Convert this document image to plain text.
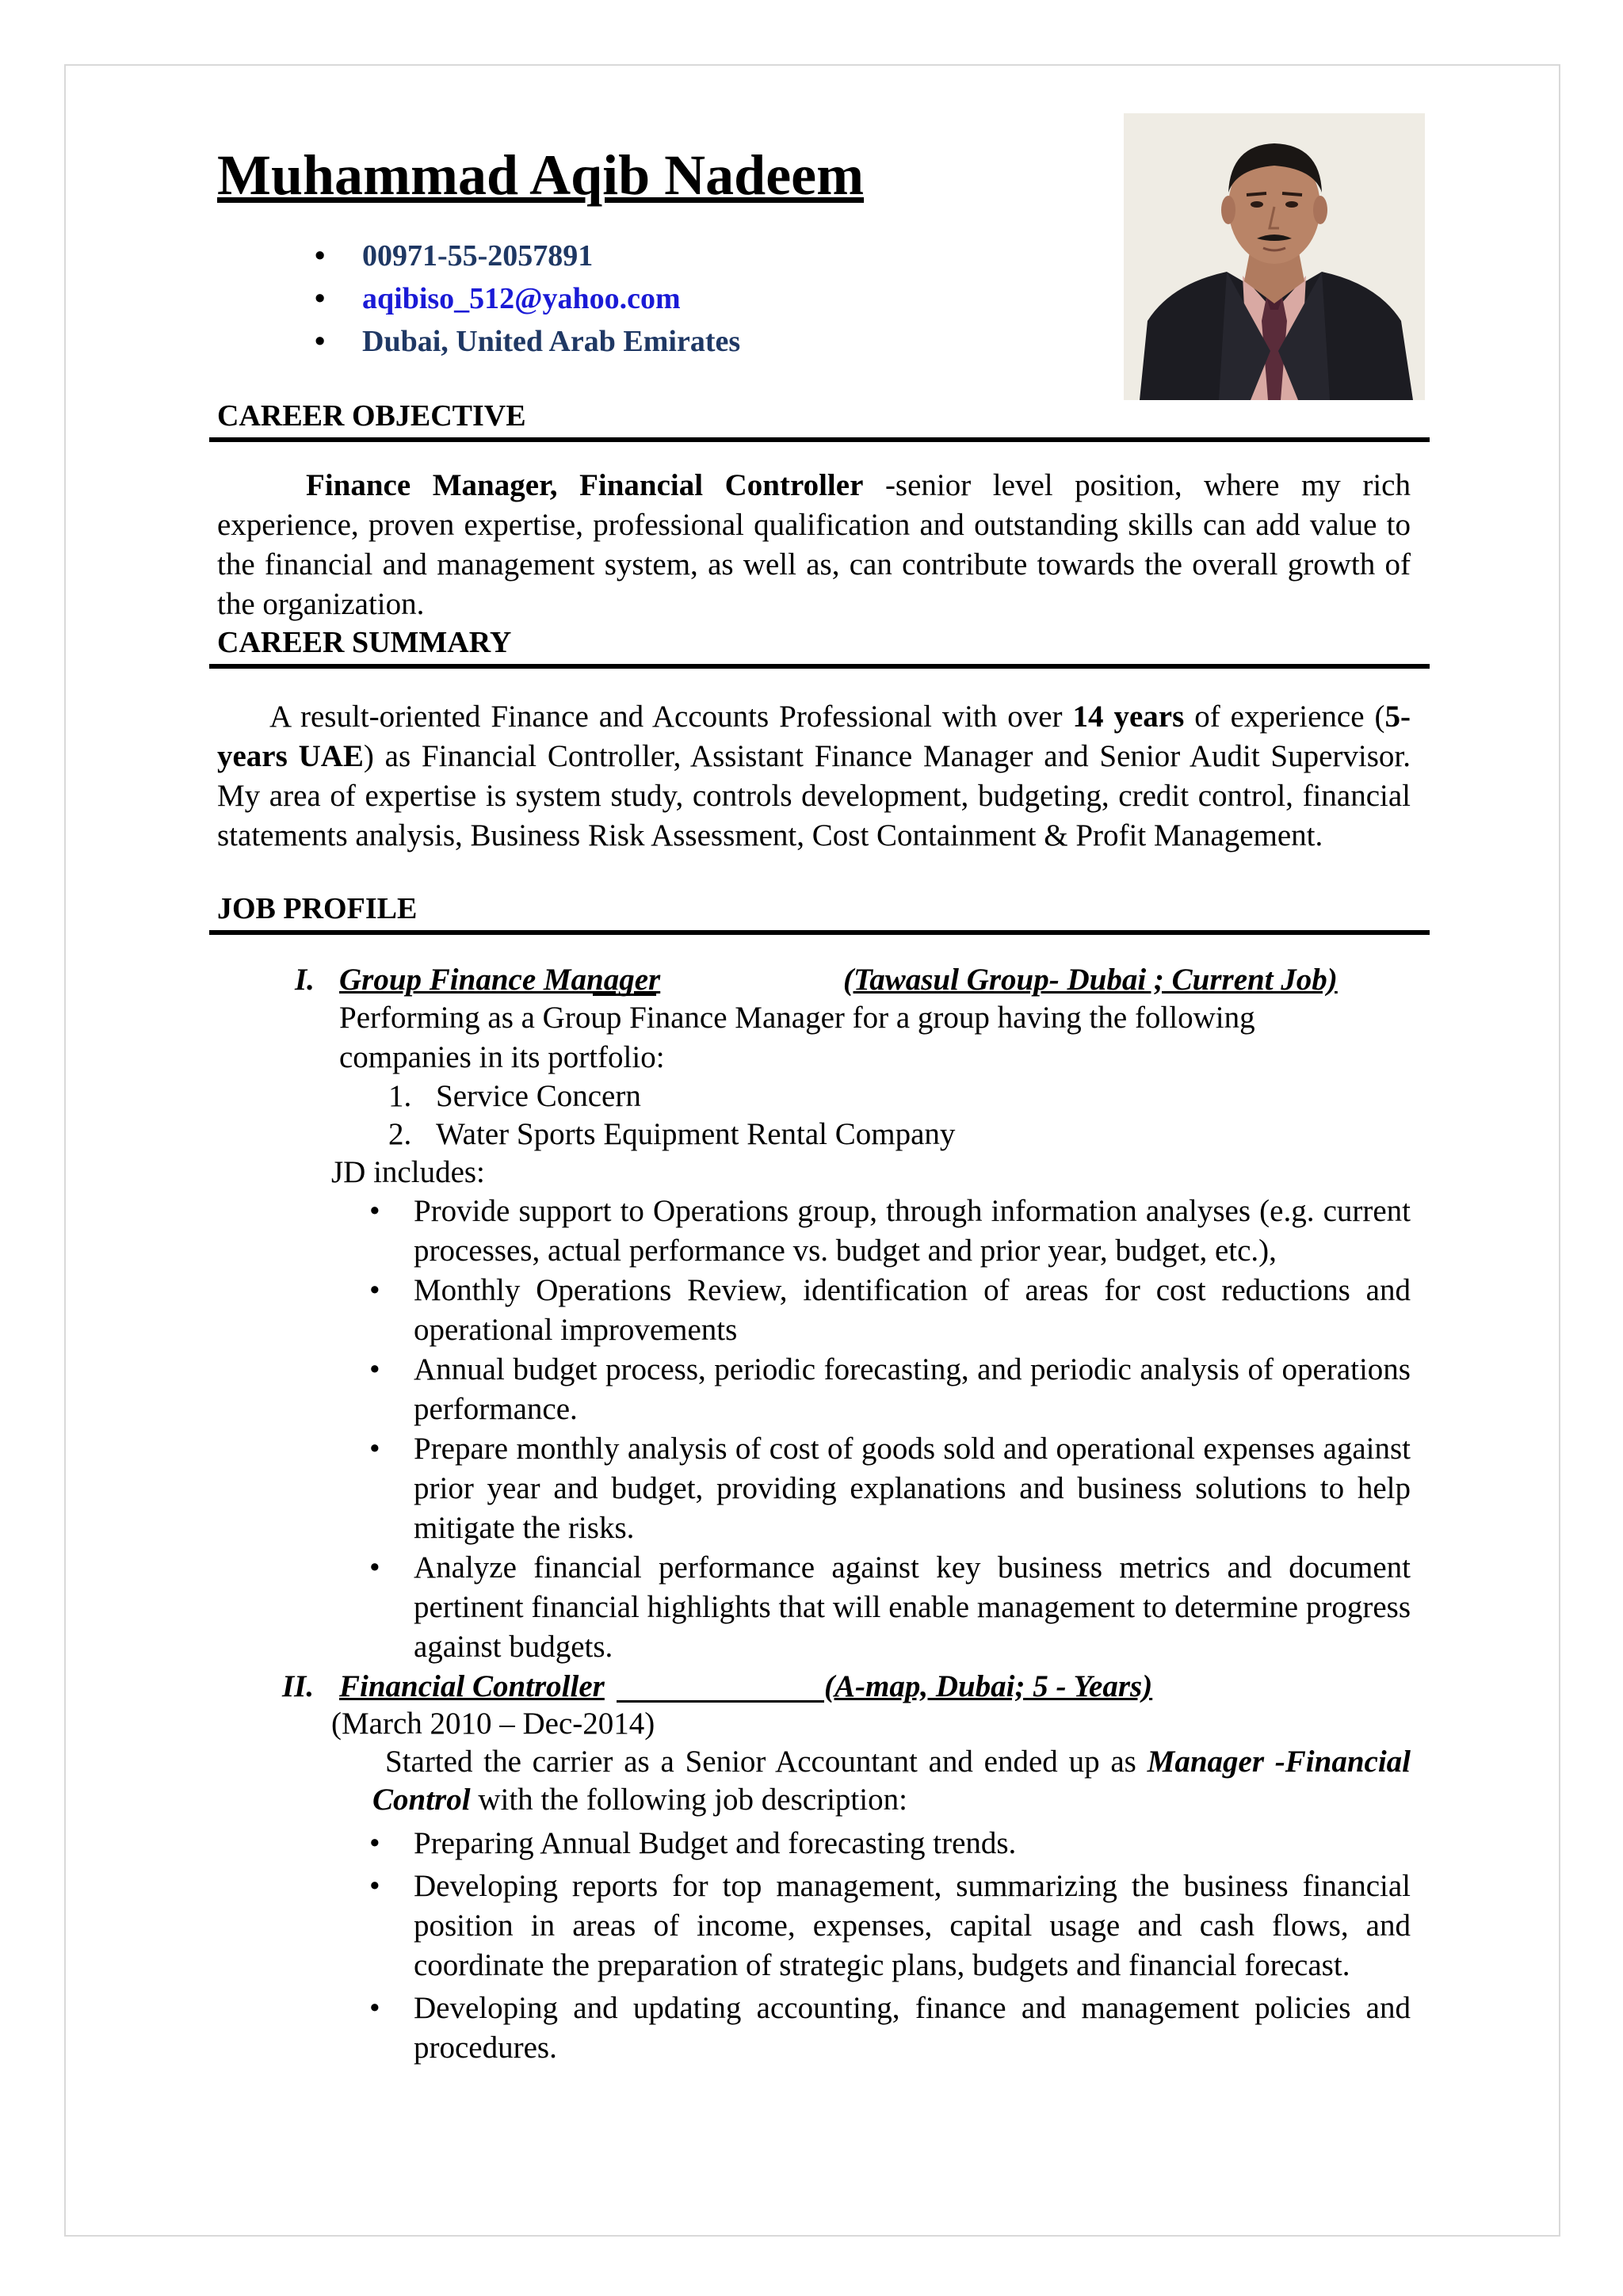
Muhammad Aqib Nadeem
• 00971-55-2057891
• aqibiso_512@yahoo.com
• Dubai, United Arab Emirates
CAREER OBJECTIVE

Finance Manager, Financial Controller -senior level position, where my rich experience, proven expertise, professional qualification and outstanding skills can add value to the financial and management system, as well as, can contribute towards the overall growth of the organization.

CAREER SUMMARY

A result-oriented Finance and Accounts Professional with over 14 years of experience (5-years UAE) as Financial Controller, Assistant Finance Manager and Senior Audit Supervisor. My area of expertise is system study, controls development, budgeting, credit control, financial statements analysis, Business Risk Assessment, Cost Containment & Profit Management.

JOB PROFILE
I. Group Finance Manager	(Tawasul Group- Dubai ; Current Job)

Performing as a Group Finance Manager for a group having the following companies in its portfolio:

1. Service Concern
2. Water Sports Equipment Rental Company
JD includes:
• Provide support to Operations group, through information analyses (e.g. current processes, actual performance vs. budget and prior year, budget, etc.),
• Monthly Operations Review, identification of areas for cost reductions and operational improvements
• Annual budget process, periodic forecasting, and periodic analysis of operations performance.
• Prepare monthly analysis of cost of goods sold and operational expenses against prior year and budget, providing explanations and business solutions to help mitigate the risks.
• Analyze financial performance against key business metrics and document pertinent financial highlights that will enable management to determine progress against budgets.
II. Financial Controller	(A-map, Dubai; 5 - Years)
(March 2010 – Dec-2014)

Started the carrier as a Senior Accountant and ended up as Manager -Financial Control with the following job description:

• Preparing Annual Budget and forecasting trends.
• Developing reports for top management, summarizing the business financial position in areas of income, expenses, capital usage and cash flows, and coordinate the preparation of strategic plans, budgets and financial forecast.
• Developing and updating accounting, finance and management policies and procedures.
